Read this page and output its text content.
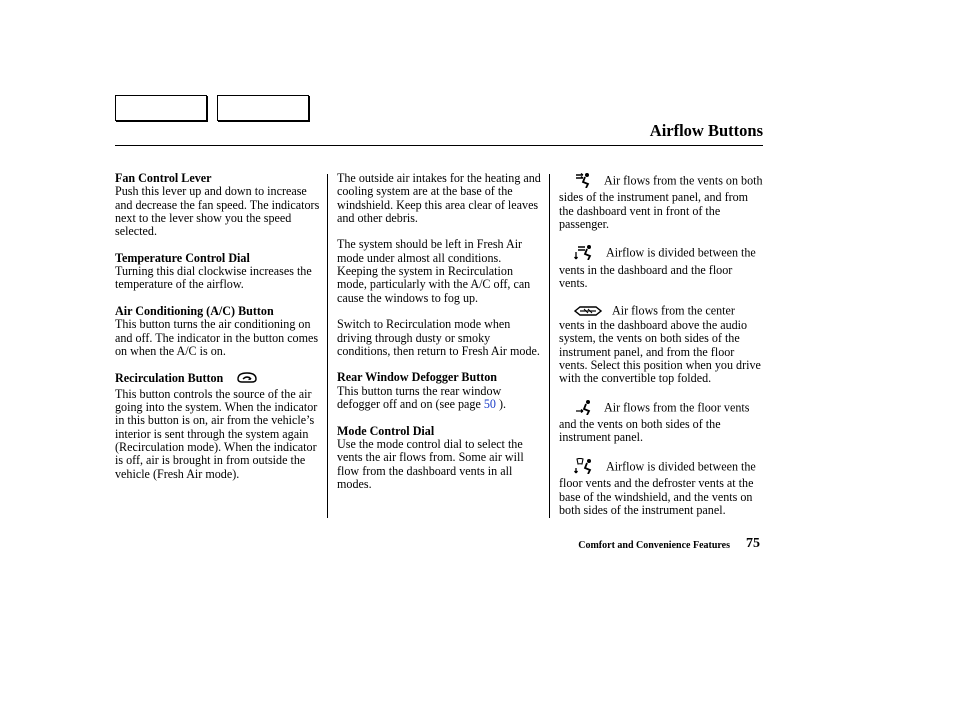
Airflow Buttons
Fan Control Lever

Push this lever up and down to increase and decrease the fan speed. The indicators next to the lever show you the speed selected.

Temperature Control Dial

Turning this dial clockwise increases the temperature of the airflow.

Air Conditioning (A/C) Button

This button turns the air conditioning on and off. The indicator in the button comes on when the A/C is on.

Recirculation Button

This button controls the source of the air going into the system. When the indicator in this button is on, air from the vehicle’s interior is sent through the system again (Recirculation mode). When the indicator is off, air is brought in from outside the vehicle (Fresh Air mode).

The outside air intakes for the heating and cooling system are at the base of the windshield. Keep this area clear of leaves and other debris.

The system should be left in Fresh Air mode under almost all conditions. Keeping the system in Recirculation mode, particularly with the A/C off, can cause the windows to fog up.

Switch to Recirculation mode when driving through dusty or smoky conditions, then return to Fresh Air mode.

Rear Window Defogger Button

This button turns the rear window defogger off and on (see page 50 ).

Mode Control Dial

Use the mode control dial to select the vents the air flows from. Some air will flow from the dashboard vents in all modes.

Air flows from the vents on both sides of the instrument panel, and from the dashboard vent in front of the passenger.
Airflow is divided between the vents in the dashboard and the floor vents.
Air flows from the center vents in the dashboard above the audio system, the vents on both sides of the instrument panel, and from the floor vents. Select this position when you drive with the convertible top folded.
Air flows from the floor vents and the vents on both sides of the instrument panel.
Airflow is divided between the floor vents and the defroster vents at the base of the windshield, and the vents on both sides of the instrument panel.
Comfort and Convenience Features 75
